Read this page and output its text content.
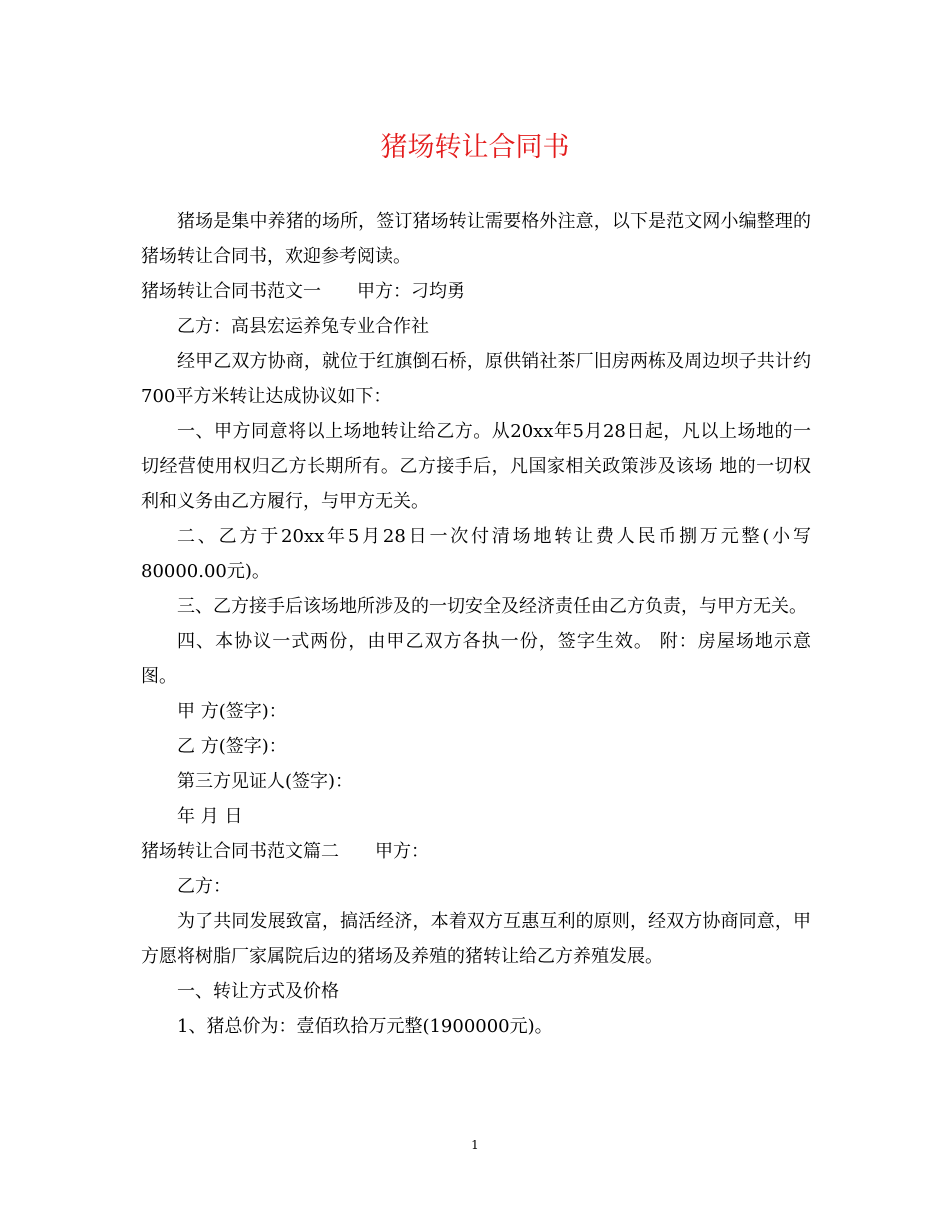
猪场转让合同书

猪场是集中养猪的场所，签订猪场转让需要格外注意，以下是范文网小编整理的猪场转让合同书，欢迎参考阅读。

猪场转让合同书范文一 甲方：刁均勇

乙方：高县宏运养兔专业合作社

经甲乙双方协商，就位于红旗倒石桥，原供销社茶厂旧房两栋及周边坝子共计约700平方米转让达成协议如下：

一、甲方同意将以上场地转让给乙方。从20xx年5月28日起，凡以上场地的一切经营使用权归乙方长期所有。乙方接手后，凡国家相关政策涉及该场 地的一切权利和义务由乙方履行，与甲方无关。

二、乙方于20xx年5月28日一次付清场地转让费人民币捌万元整(小写80000.00元)。

三、乙方接手后该场地所涉及的一切安全及经济责任由乙方负责，与甲方无关。

四、本协议一式两份，由甲乙双方各执一份，签字生效。 附：房屋场地示意图。

甲 方(签字)：

乙 方(签字)：

第三方见证人(签字)：

年 月 日

猪场转让合同书范文篇二 甲方：

乙方：

为了共同发展致富，搞活经济，本着双方互惠互利的原则，经双方协商同意，甲方愿将树脂厂家属院后边的猪场及养殖的猪转让给乙方养殖发展。

一、转让方式及价格

1、猪总价为：壹佰玖拾万元整(1900000元)。

1
